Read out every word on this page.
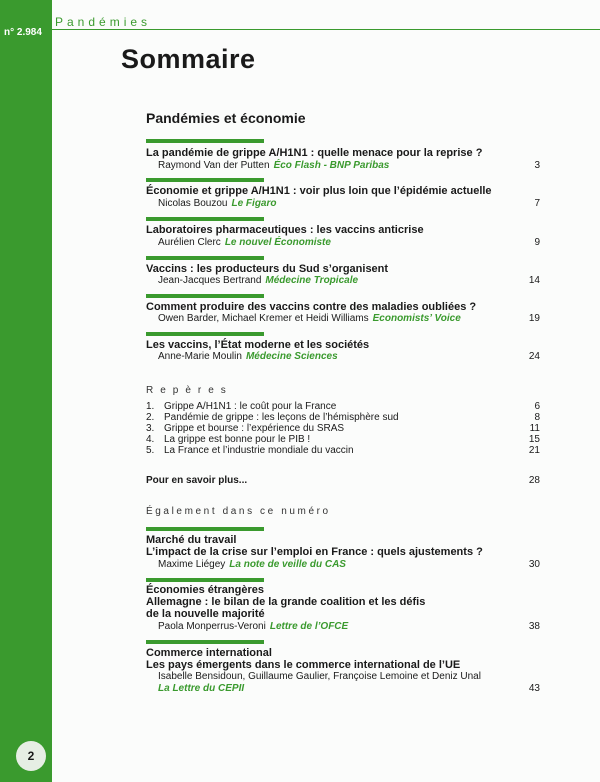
n° 2.984
2
Pandémies
Sommaire
Pandémies et économie
La pandémie de grippe A/H1N1 : quelle menace pour la reprise ?
Raymond Van der Putten Éco Flash - BNP Paribas	3
Économie et grippe A/H1N1 : voir plus loin que l’épidémie actuelle
Nicolas Bouzou Le Figaro	7
Laboratoires pharmaceutiques : les vaccins anticrise
Aurélien Clerc Le nouvel Économiste	9
Vaccins : les producteurs du Sud s’organisent
Jean-Jacques Bertrand Médecine Tropicale	14
Comment produire des vaccins contre des maladies oubliées ?
Owen Barder, Michael Kremer et Heidi Williams Economists’ Voice	19
Les vaccins, l’État moderne et les sociétés
Anne-Marie Moulin Médecine Sciences	24
Repères
1. Grippe A/H1N1 : le coût pour la France	6
2. Pandémie de grippe : les leçons de l’hémisphère sud	8
3. Grippe et bourse : l’expérience du SRAS	11
4. La grippe est bonne pour le PIB !	15
5. La France et l’industrie mondiale du vaccin	21
Pour en savoir plus...	28
Également dans ce numéro
Marché du travail
L’impact de la crise sur l’emploi en France : quels ajustements ?
Maxime Liégey La note de veille du CAS	30
Économies étrangères
Allemagne : le bilan de la grande coalition et les défis
de la nouvelle majorité
Paola Monperrus-Veroni Lettre de l’OFCE	38
Commerce international
Les pays émergents dans le commerce international de l’UE
Isabelle Bensidoun, Guillaume Gaulier, Françoise Lemoine et Deniz Unal
La Lettre du CEPII	43
